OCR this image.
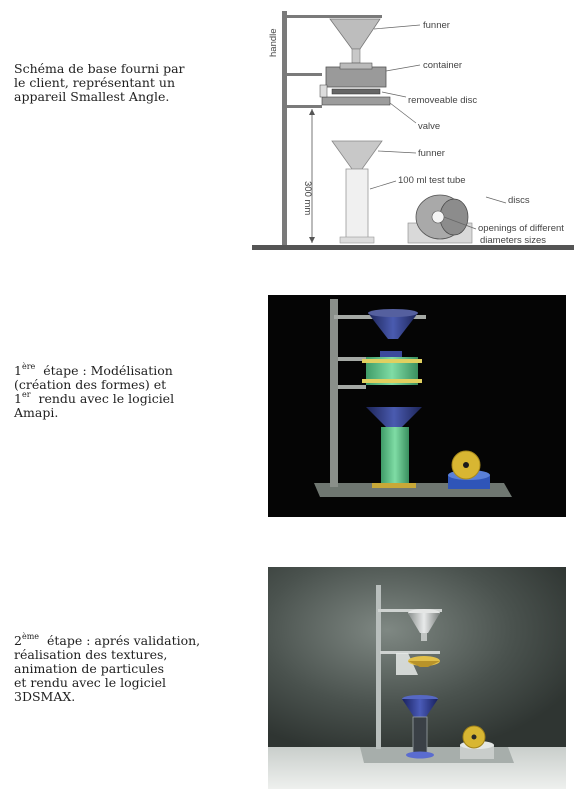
Schéma de base fourni par
le client, représentant un
appareil Smallest Angle.
handle
funner
container
removeable disc
valve
300 mm
funner
100 ml test tube
discs
openings of different
diameters sizes
1ère  étape : Modélisation
(création des formes) et
1er  rendu avec le logiciel
Amapi.
2ème  étape : aprés validation,
réalisation des textures,
animation de particules
et rendu avec le logiciel
3DSMAX.
